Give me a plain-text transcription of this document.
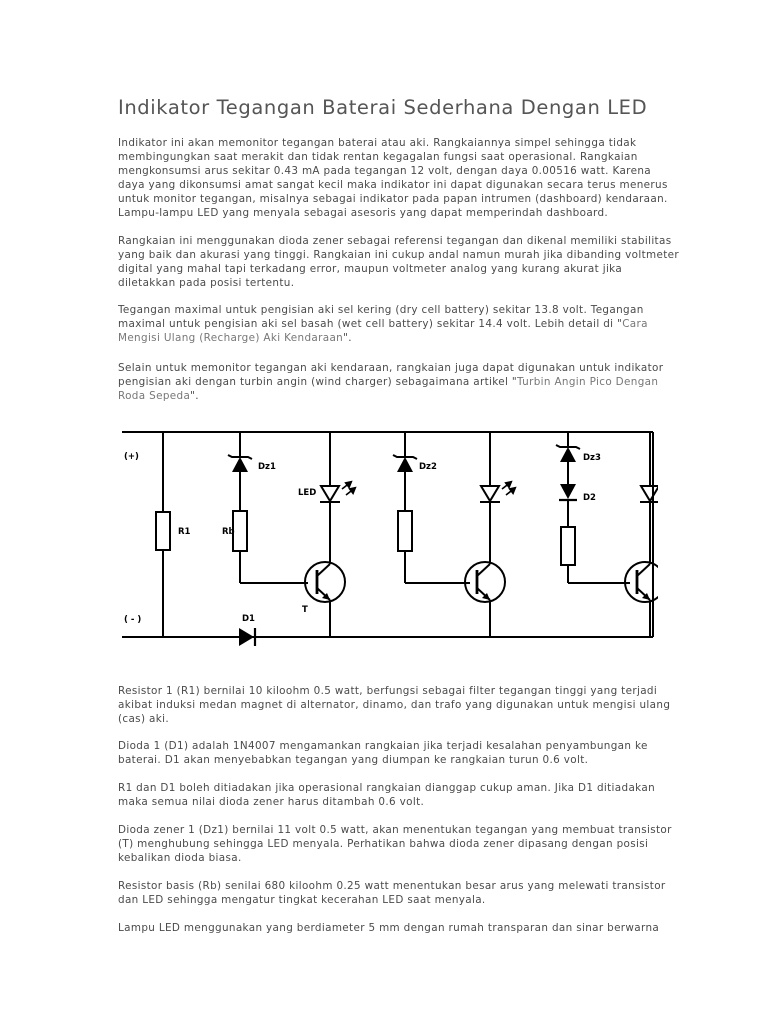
Indikator Tegangan Baterai Sederhana Dengan LED

Indikator ini akan memonitor tegangan baterai atau aki. Rangkaiannya simpel sehingga tidak
membingungkan saat merakit dan tidak rentan kegagalan fungsi saat operasional. Rangkaian
mengkonsumsi arus sekitar 0.43 mA pada tegangan 12 volt, dengan daya 0.00516 watt. Karena
daya yang dikonsumsi amat sangat kecil maka indikator ini dapat digunakan secara terus menerus
untuk monitor tegangan, misalnya sebagai indikator pada papan intrumen (dashboard) kendaraan.
Lampu-lampu LED yang menyala sebagai asesoris yang dapat memperindah dashboard.

Rangkaian ini menggunakan dioda zener sebagai referensi tegangan dan dikenal memiliki stabilitas
yang baik dan akurasi yang tinggi. Rangkaian ini cukup andal namun murah jika dibanding voltmeter
digital yang mahal tapi terkadang error, maupun voltmeter analog yang kurang akurat jika
diletakkan pada posisi tertentu.

Tegangan maximal untuk pengisian aki sel kering (dry cell battery) sekitar 13.8 volt. Tegangan
maximal untuk pengisian aki sel basah (wet cell battery) sekitar 14.4 volt. Lebih detail di "Cara
Mengisi Ulang (Recharge) Aki Kendaraan".

Selain untuk memonitor tegangan aki kendaraan, rangkaian juga dapat digunakan untuk indikator
pengisian aki dengan turbin angin (wind charger) sebagaimana artikel "Turbin Angin Pico Dengan
Roda Sepeda".

(+)
( - )
R1	Rb
Dz1	Dz2
Dz3
D2
LED
T
D1

Resistor 1 (R1) bernilai 10 kiloohm 0.5 watt, berfungsi sebagai filter tegangan tinggi yang terjadi
akibat induksi medan magnet di alternator, dinamo, dan trafo yang digunakan untuk mengisi ulang
(cas) aki.

Dioda 1 (D1) adalah 1N4007 mengamankan rangkaian jika terjadi kesalahan penyambungan ke
baterai. D1 akan menyebabkan tegangan yang diumpan ke rangkaian turun 0.6 volt.

R1 dan D1 boleh ditiadakan jika operasional rangkaian dianggap cukup aman. Jika D1 ditiadakan
maka semua nilai dioda zener harus ditambah 0.6 volt.

Dioda zener 1 (Dz1) bernilai 11 volt 0.5 watt, akan menentukan tegangan yang membuat transistor
(T) menghubung sehingga LED menyala. Perhatikan bahwa dioda zener dipasang dengan posisi
kebalikan dioda biasa.

Resistor basis (Rb) senilai 680 kiloohm 0.25 watt menentukan besar arus yang melewati transistor
dan LED sehingga mengatur tingkat kecerahan LED saat menyala.

Lampu LED menggunakan yang berdiameter 5 mm dengan rumah transparan dan sinar berwarna
